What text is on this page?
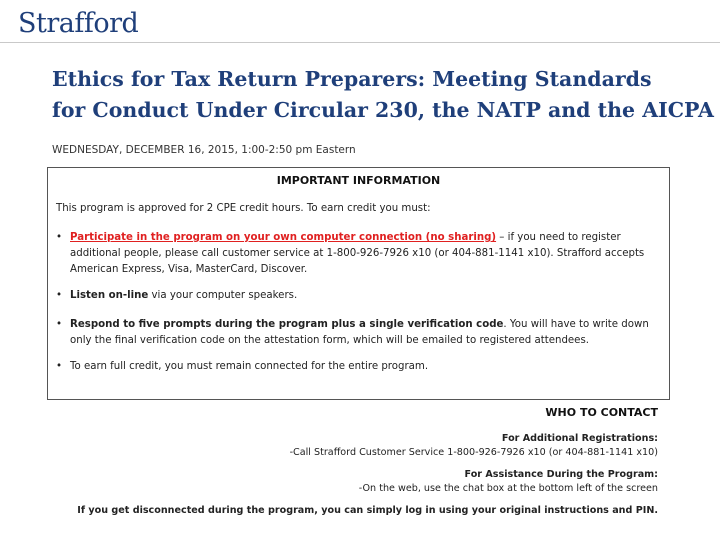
Strafford
Ethics for Tax Return Preparers: Meeting Standards
for Conduct Under Circular 230, the NATP and the AICPA
WEDNESDAY, DECEMBER 16, 2015, 1:00-2:50 pm Eastern
IMPORTANT INFORMATION
This program is approved for 2 CPE credit hours. To earn credit you must:
• Participate in the program on your own computer connection (no sharing) – if you need to register additional people, please call customer service at 1-800-926-7926 x10 (or 404-881-1141 x10). Strafford accepts American Express, Visa, MasterCard, Discover.
• Listen on-line via your computer speakers.
• Respond to five prompts during the program plus a single verification code. You will have to write down only the final verification code on the attestation form, which will be emailed to registered attendees.
• To earn full credit, you must remain connected for the entire program.
WHO TO CONTACT
For Additional Registrations:
-Call Strafford Customer Service 1-800-926-7926 x10 (or 404-881-1141 x10)
For Assistance During the Program:
-On the web, use the chat box at the bottom left of the screen
If you get disconnected during the program, you can simply log in using your original instructions and PIN.
